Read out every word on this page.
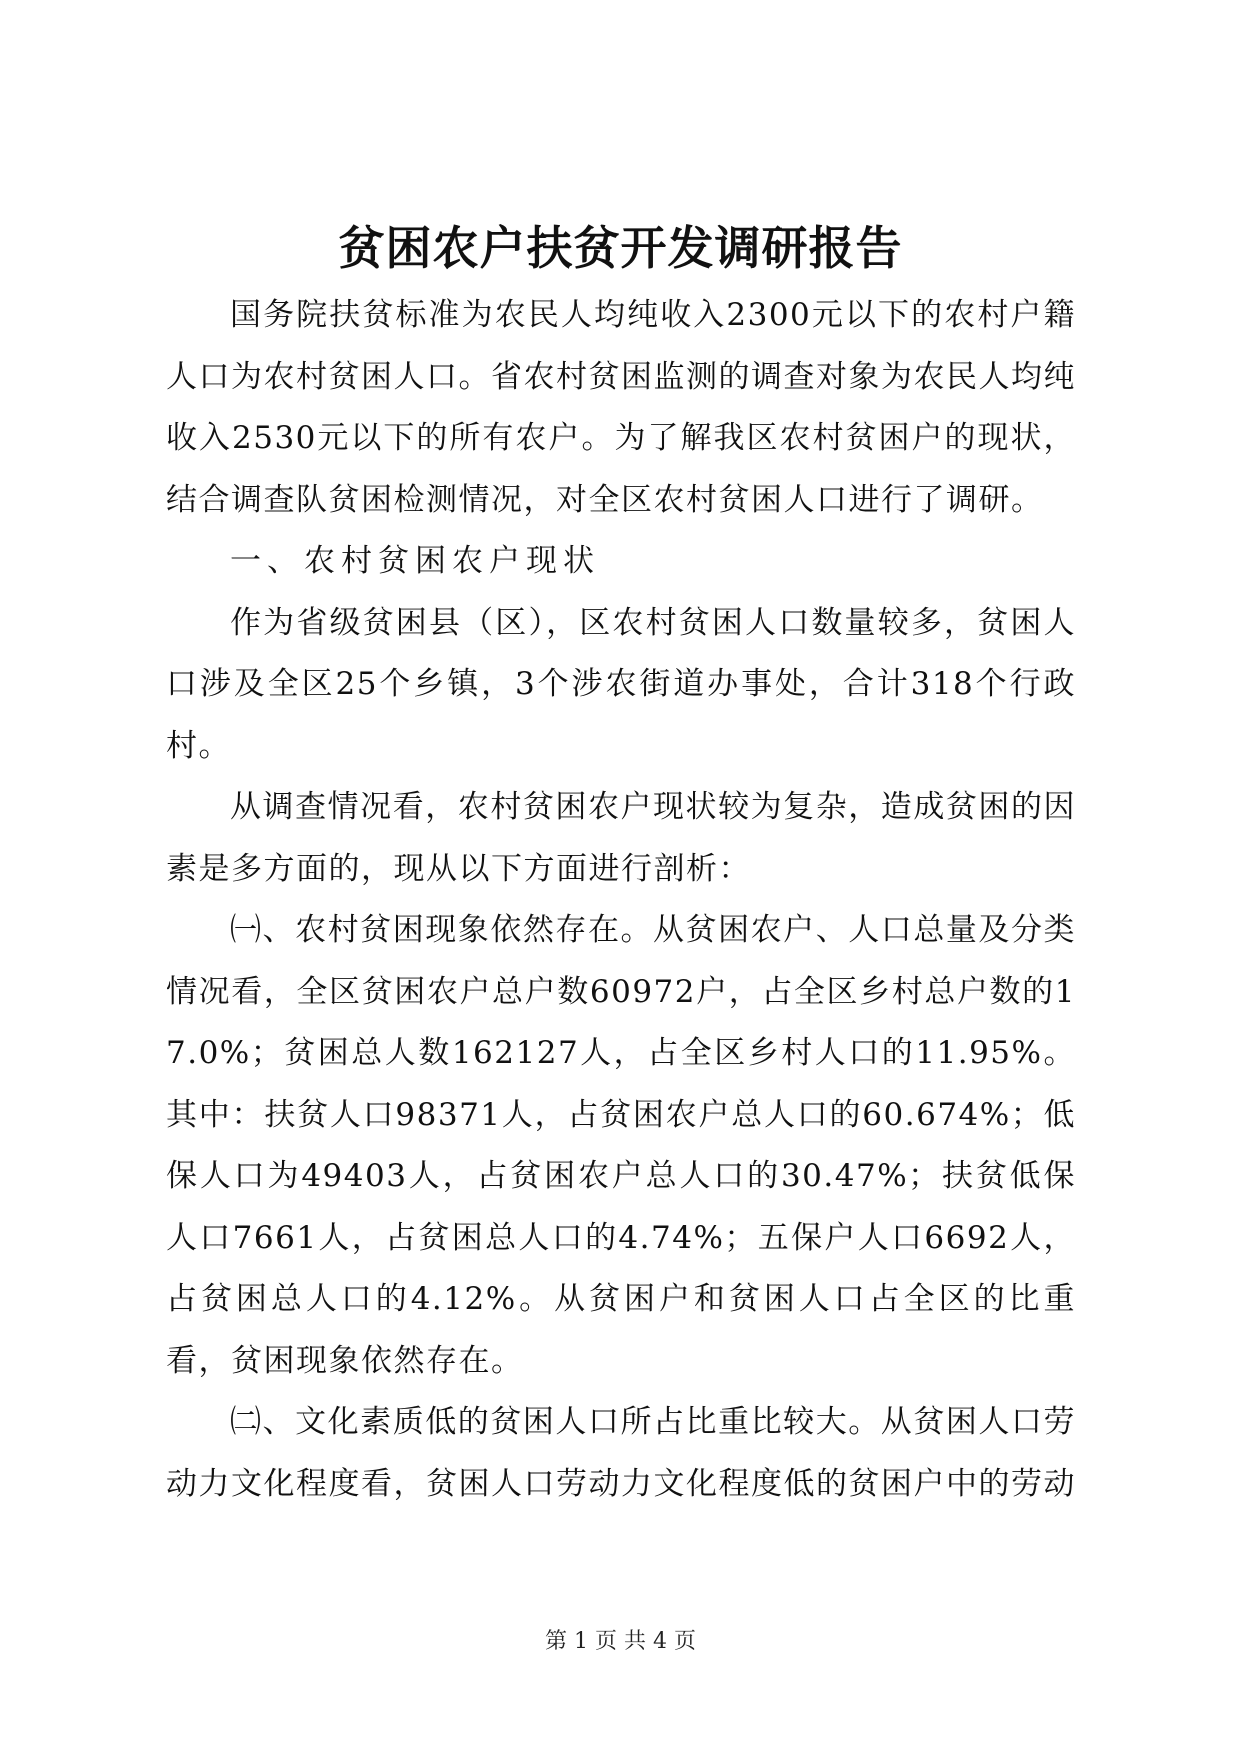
贫困农户扶贫开发调研报告

国务院扶贫标准为农民人均纯收入2300元以下的农村户籍人口为农村贫困人口。省农村贫困监测的调查对象为农民人均纯收入2530元以下的所有农户。为了解我区农村贫困户的现状，结合调查队贫困检测情况，对全区农村贫困人口进行了调研。

一、农村贫困农户现状

作为省级贫困县（区），区农村贫困人口数量较多，贫困人口涉及全区25个乡镇，3个涉农街道办事处，合计318个行政村。

从调查情况看，农村贫困农户现状较为复杂，造成贫困的因素是多方面的，现从以下方面进行剖析：

㈠、农村贫困现象依然存在。从贫困农户、人口总量及分类情况看，全区贫困农户总户数60972户，占全区乡村总户数的17.0%；贫困总人数162127人，占全区乡村人口的11.95%。其中：扶贫人口98371人，占贫困农户总人口的60.674%；低保人口为49403人，占贫困农户总人口的30.47%；扶贫低保人口7661人，占贫困总人口的4.74%；五保户人口6692人，占贫困总人口的4.12%。从贫困户和贫困人口占全区的比重看，贫困现象依然存在。

㈡、文化素质低的贫困人口所占比重比较大。从贫困人口劳动力文化程度看，贫困人口劳动力文化程度低的贫困户中的劳动

第 1 页 共 4 页
